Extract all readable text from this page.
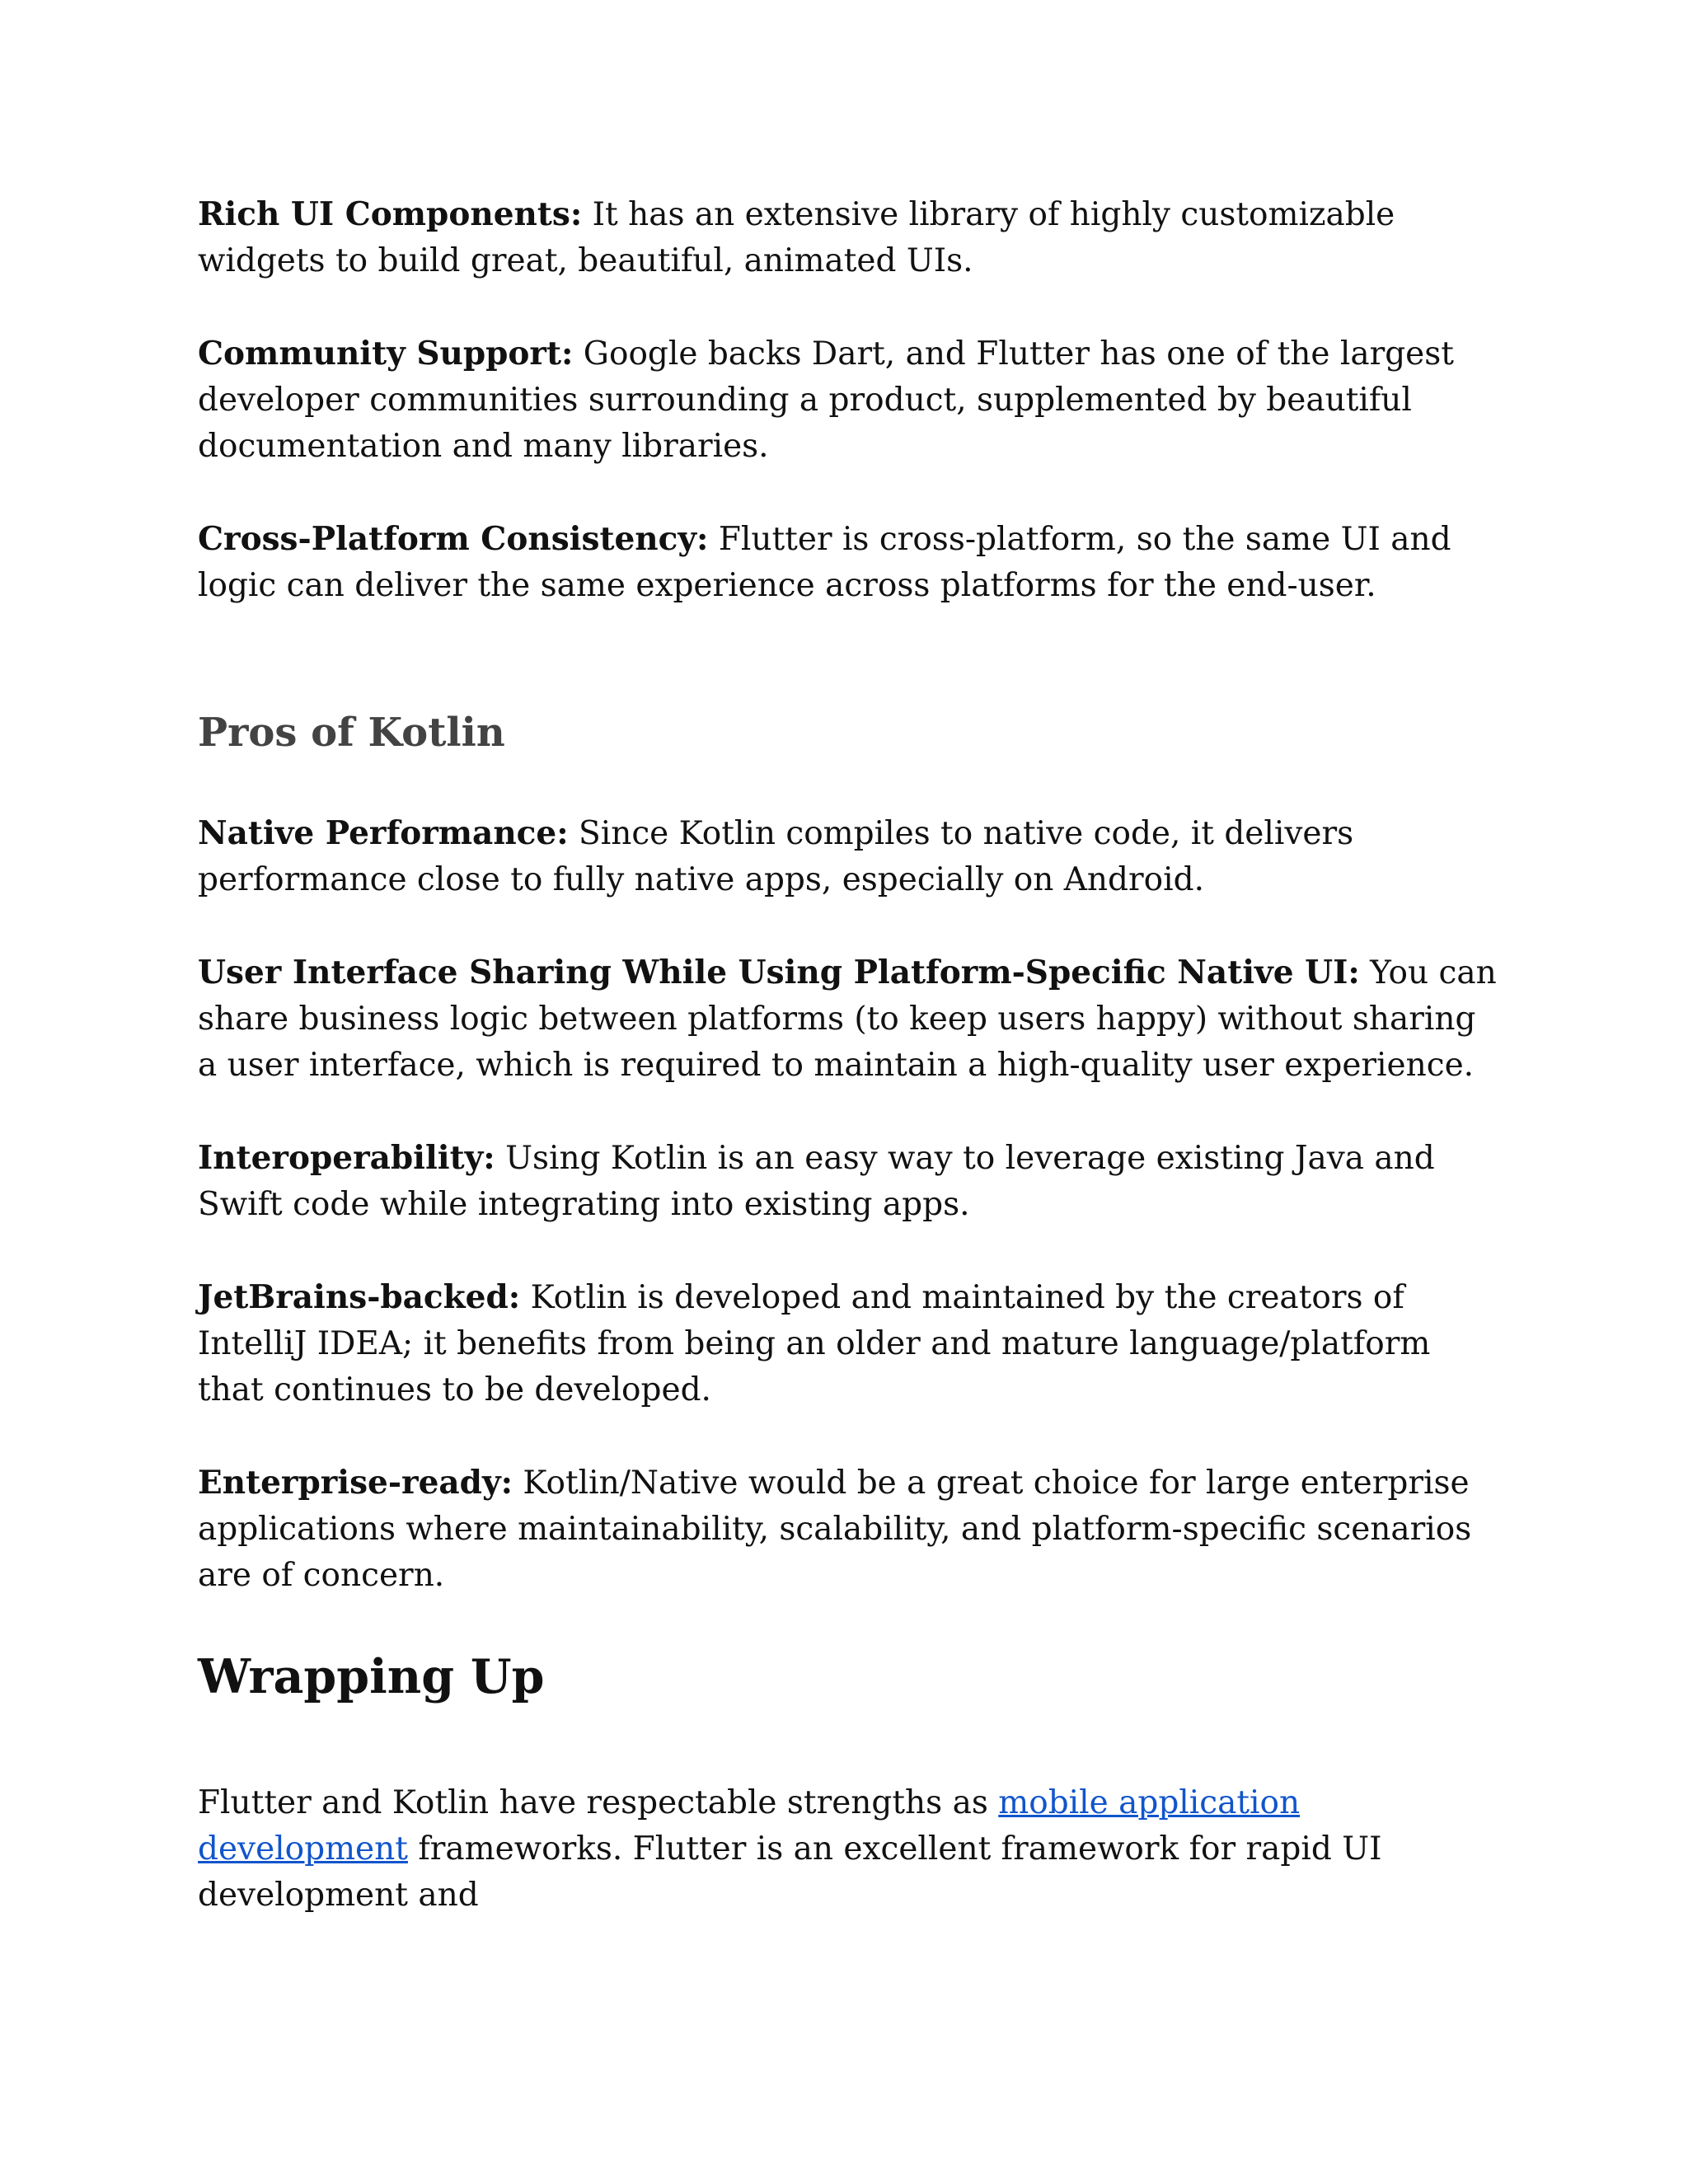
Rich UI Components: It has an extensive library of highly customizable widgets to build great, beautiful, animated UIs.

Community Support: Google backs Dart, and Flutter has one of the largest developer communities surrounding a product, supplemented by beautiful documentation and many libraries.

Cross-Platform Consistency: Flutter is cross-platform, so the same UI and logic can deliver the same experience across platforms for the end-user.

Pros of Kotlin

Native Performance: Since Kotlin compiles to native code, it delivers performance close to fully native apps, especially on Android.

User Interface Sharing While Using Platform-Specific Native UI: You can share business logic between platforms (to keep users happy) without sharing a user interface, which is required to maintain a high-quality user experience.

Interoperability: Using Kotlin is an easy way to leverage existing Java and Swift code while integrating into existing apps.

JetBrains-backed: Kotlin is developed and maintained by the creators of IntelliJ IDEA; it benefits from being an older and mature language/platform that continues to be developed.

Enterprise-ready: Kotlin/Native would be a great choice for large enterprise applications where maintainability, scalability, and platform-specific scenarios are of concern.

Wrapping Up

Flutter and Kotlin have respectable strengths as mobile application development frameworks. Flutter is an excellent framework for rapid UI development and
